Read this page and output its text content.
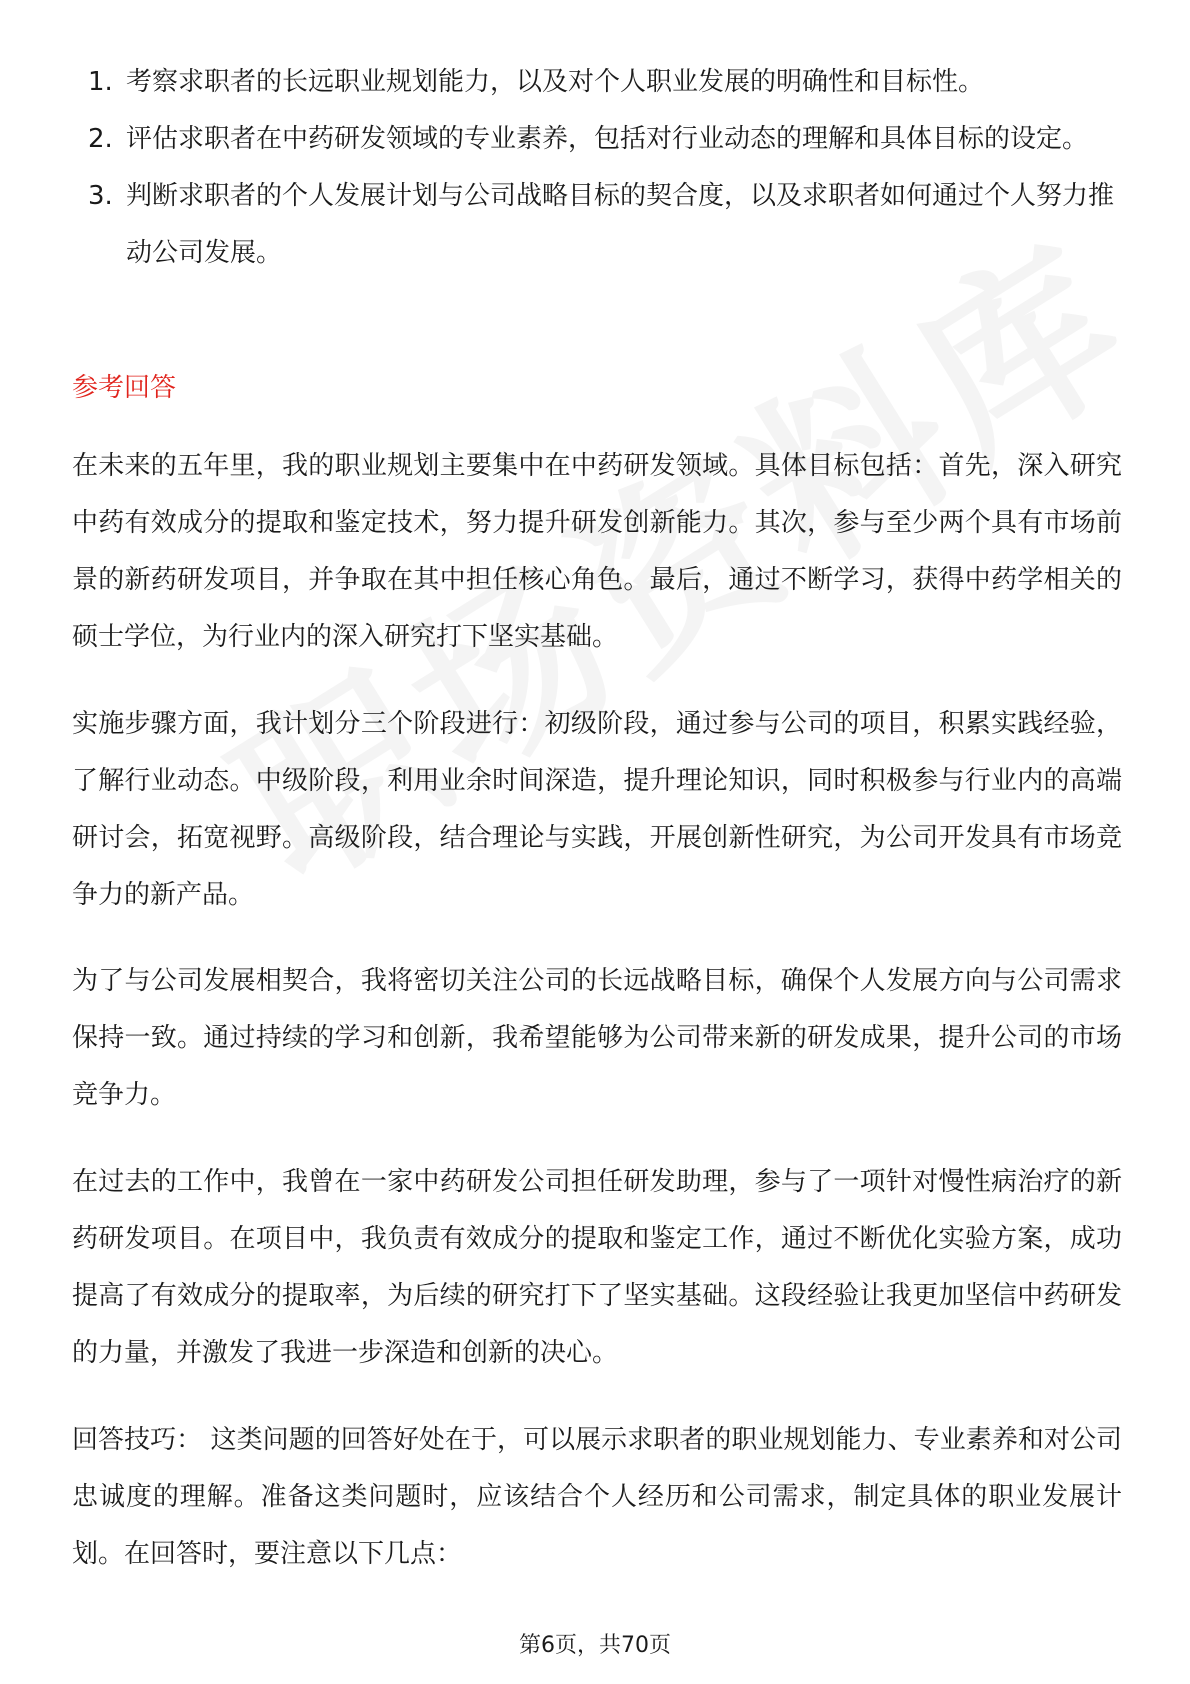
1. 考察求职者的长远职业规划能力，以及对个人职业发展的明确性和目标性。
2. 评估求职者在中药研发领域的专业素养，包括对行业动态的理解和具体目标的设定。
3. 判断求职者的个人发展计划与公司战略目标的契合度，以及求职者如何通过个人努力推动公司发展。
参考回答

在未来的五年里，我的职业规划主要集中在中药研发领域。具体目标包括：首先，深入研究中药有效成分的提取和鉴定技术，努力提升研发创新能力。其次，参与至少两个具有市场前景的新药研发项目，并争取在其中担任核心角色。最后，通过不断学习，获得中药学相关的硕士学位，为行业内的深入研究打下坚实基础。

实施步骤方面，我计划分三个阶段进行：初级阶段，通过参与公司的项目，积累实践经验，了解行业动态。中级阶段，利用业余时间深造，提升理论知识，同时积极参与行业内的高端研讨会，拓宽视野。高级阶段，结合理论与实践，开展创新性研究，为公司开发具有市场竞争力的新产品。

为了与公司发展相契合，我将密切关注公司的长远战略目标，确保个人发展方向与公司需求保持一致。通过持续的学习和创新，我希望能够为公司带来新的研发成果，提升公司的市场竞争力。

在过去的工作中，我曾在一家中药研发公司担任研发助理，参与了一项针对慢性病治疗的新药研发项目。在项目中，我负责有效成分的提取和鉴定工作，通过不断优化实验方案，成功提高了有效成分的提取率，为后续的研究打下了坚实基础。这段经验让我更加坚信中药研发的力量，并激发了我进一步深造和创新的决心。

回答技巧： 这类问题的回答好处在于，可以展示求职者的职业规划能力、专业素养和对公司忠诚度的理解。准备这类问题时，应该结合个人经历和公司需求，制定具体的职业发展计划。在回答时，要注意以下几点：

第6页，共70页
